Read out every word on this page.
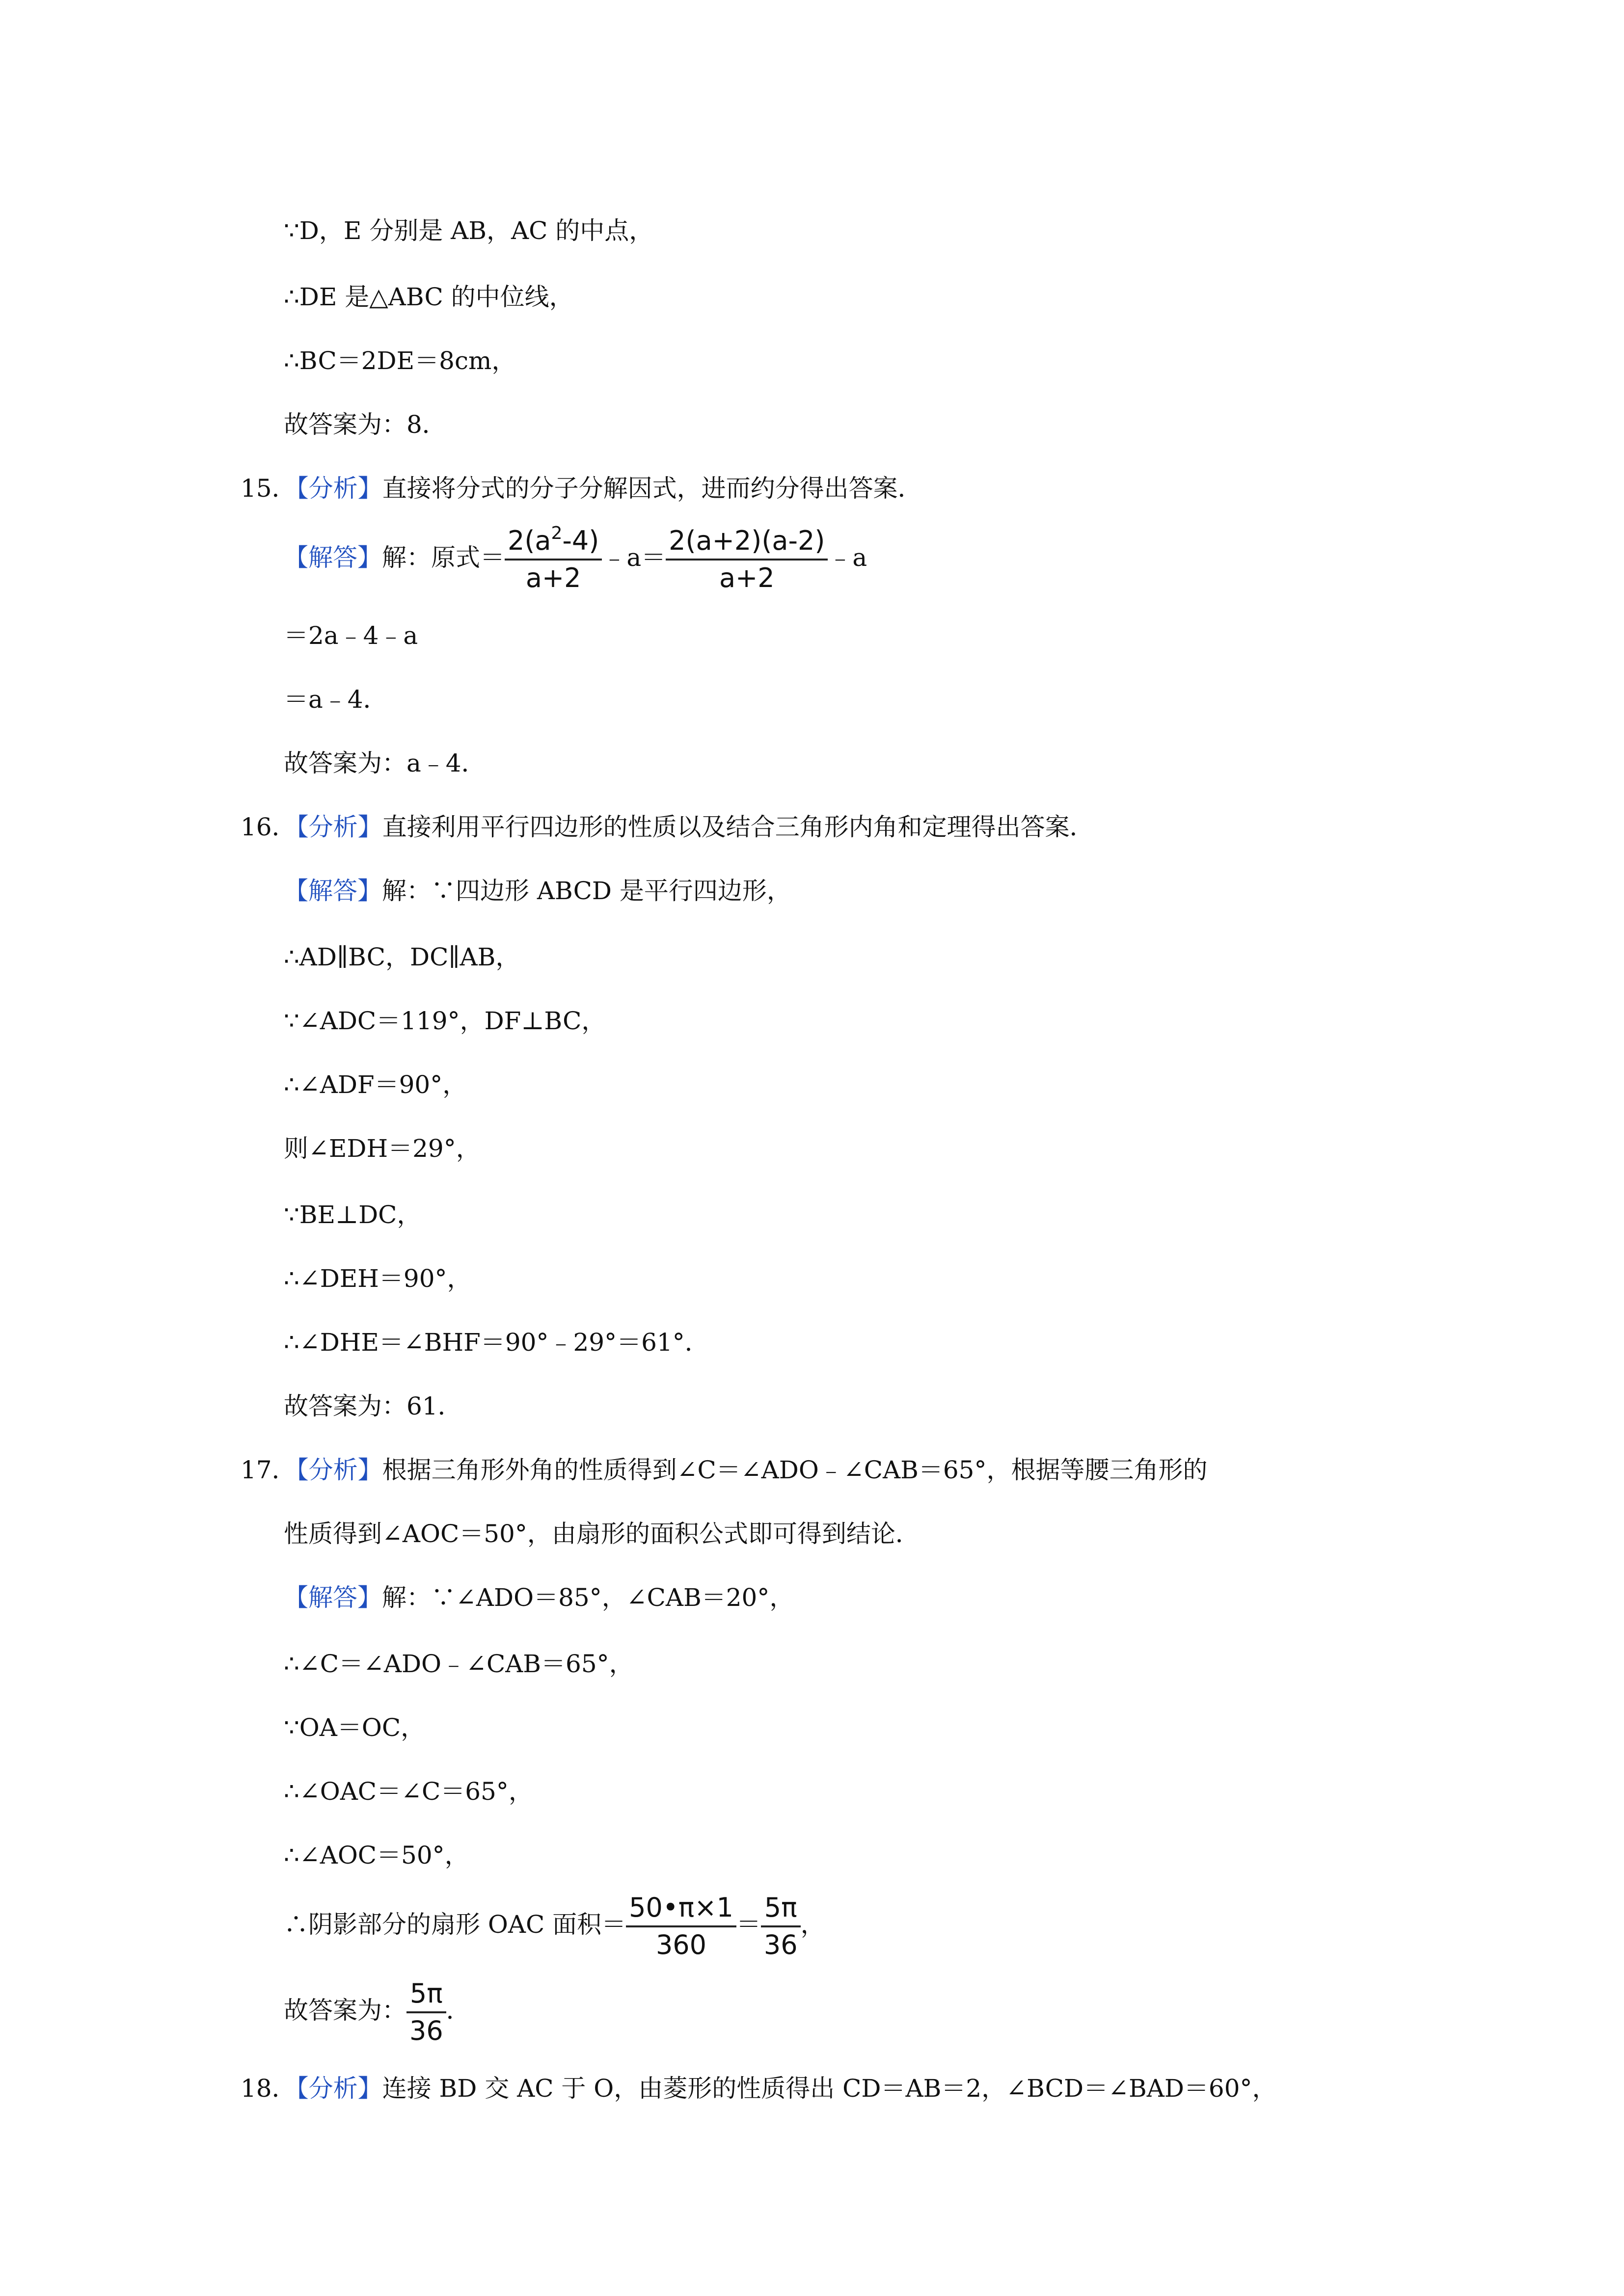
∵D，E 分别是 AB，AC 的中点，
∴DE 是△ABC 的中位线，
∴BC＝2DE＝8cm，
故答案为：8．
15．【分析】直接将分式的分子分解因式，进而约分得出答案．
【解答】解：原式＝ $\frac{2(a^2-4)}{a+2}$ ﹣a＝ $\frac{2(a+2)(a-2)}{a+2}$ ﹣a
＝2a﹣4﹣a
＝a﹣4．
故答案为：a﹣4．
16．【分析】直接利用平行四边形的性质以及结合三角形内角和定理得出答案．
【解答】解：∵四边形 ABCD 是平行四边形，
∴AD∥BC，DC∥AB，
∵∠ADC＝119°，DF⊥BC，
∴∠ADF＝90°，
则∠EDH＝29°，
∵BE⊥DC，
∴∠DEH＝90°，
∴∠DHE＝∠BHF＝90°﹣29°＝61°．
故答案为：61．
17．【分析】根据三角形外角的性质得到∠C＝∠ADO﹣∠CAB＝65°，根据等腰三角形的
性质得到∠AOC＝50°，由扇形的面积公式即可得到结论．
【解答】解：∵∠ADO＝85°，∠CAB＝20°，
∴∠C＝∠ADO﹣∠CAB＝65°，
∵OA＝OC，
∴∠OAC＝∠C＝65°，
∴∠AOC＝50°，
∴阴影部分的扇形 OAC 面积＝ $\frac{50•\pi\times 1}{360} = \frac{5\pi}{36}$ ，
故答案为： $\frac{5\pi}{36}$ ．
18．【分析】连接 BD 交 AC 于 O，由菱形的性质得出 CD＝AB＝2，∠BCD＝∠BAD＝60°，
